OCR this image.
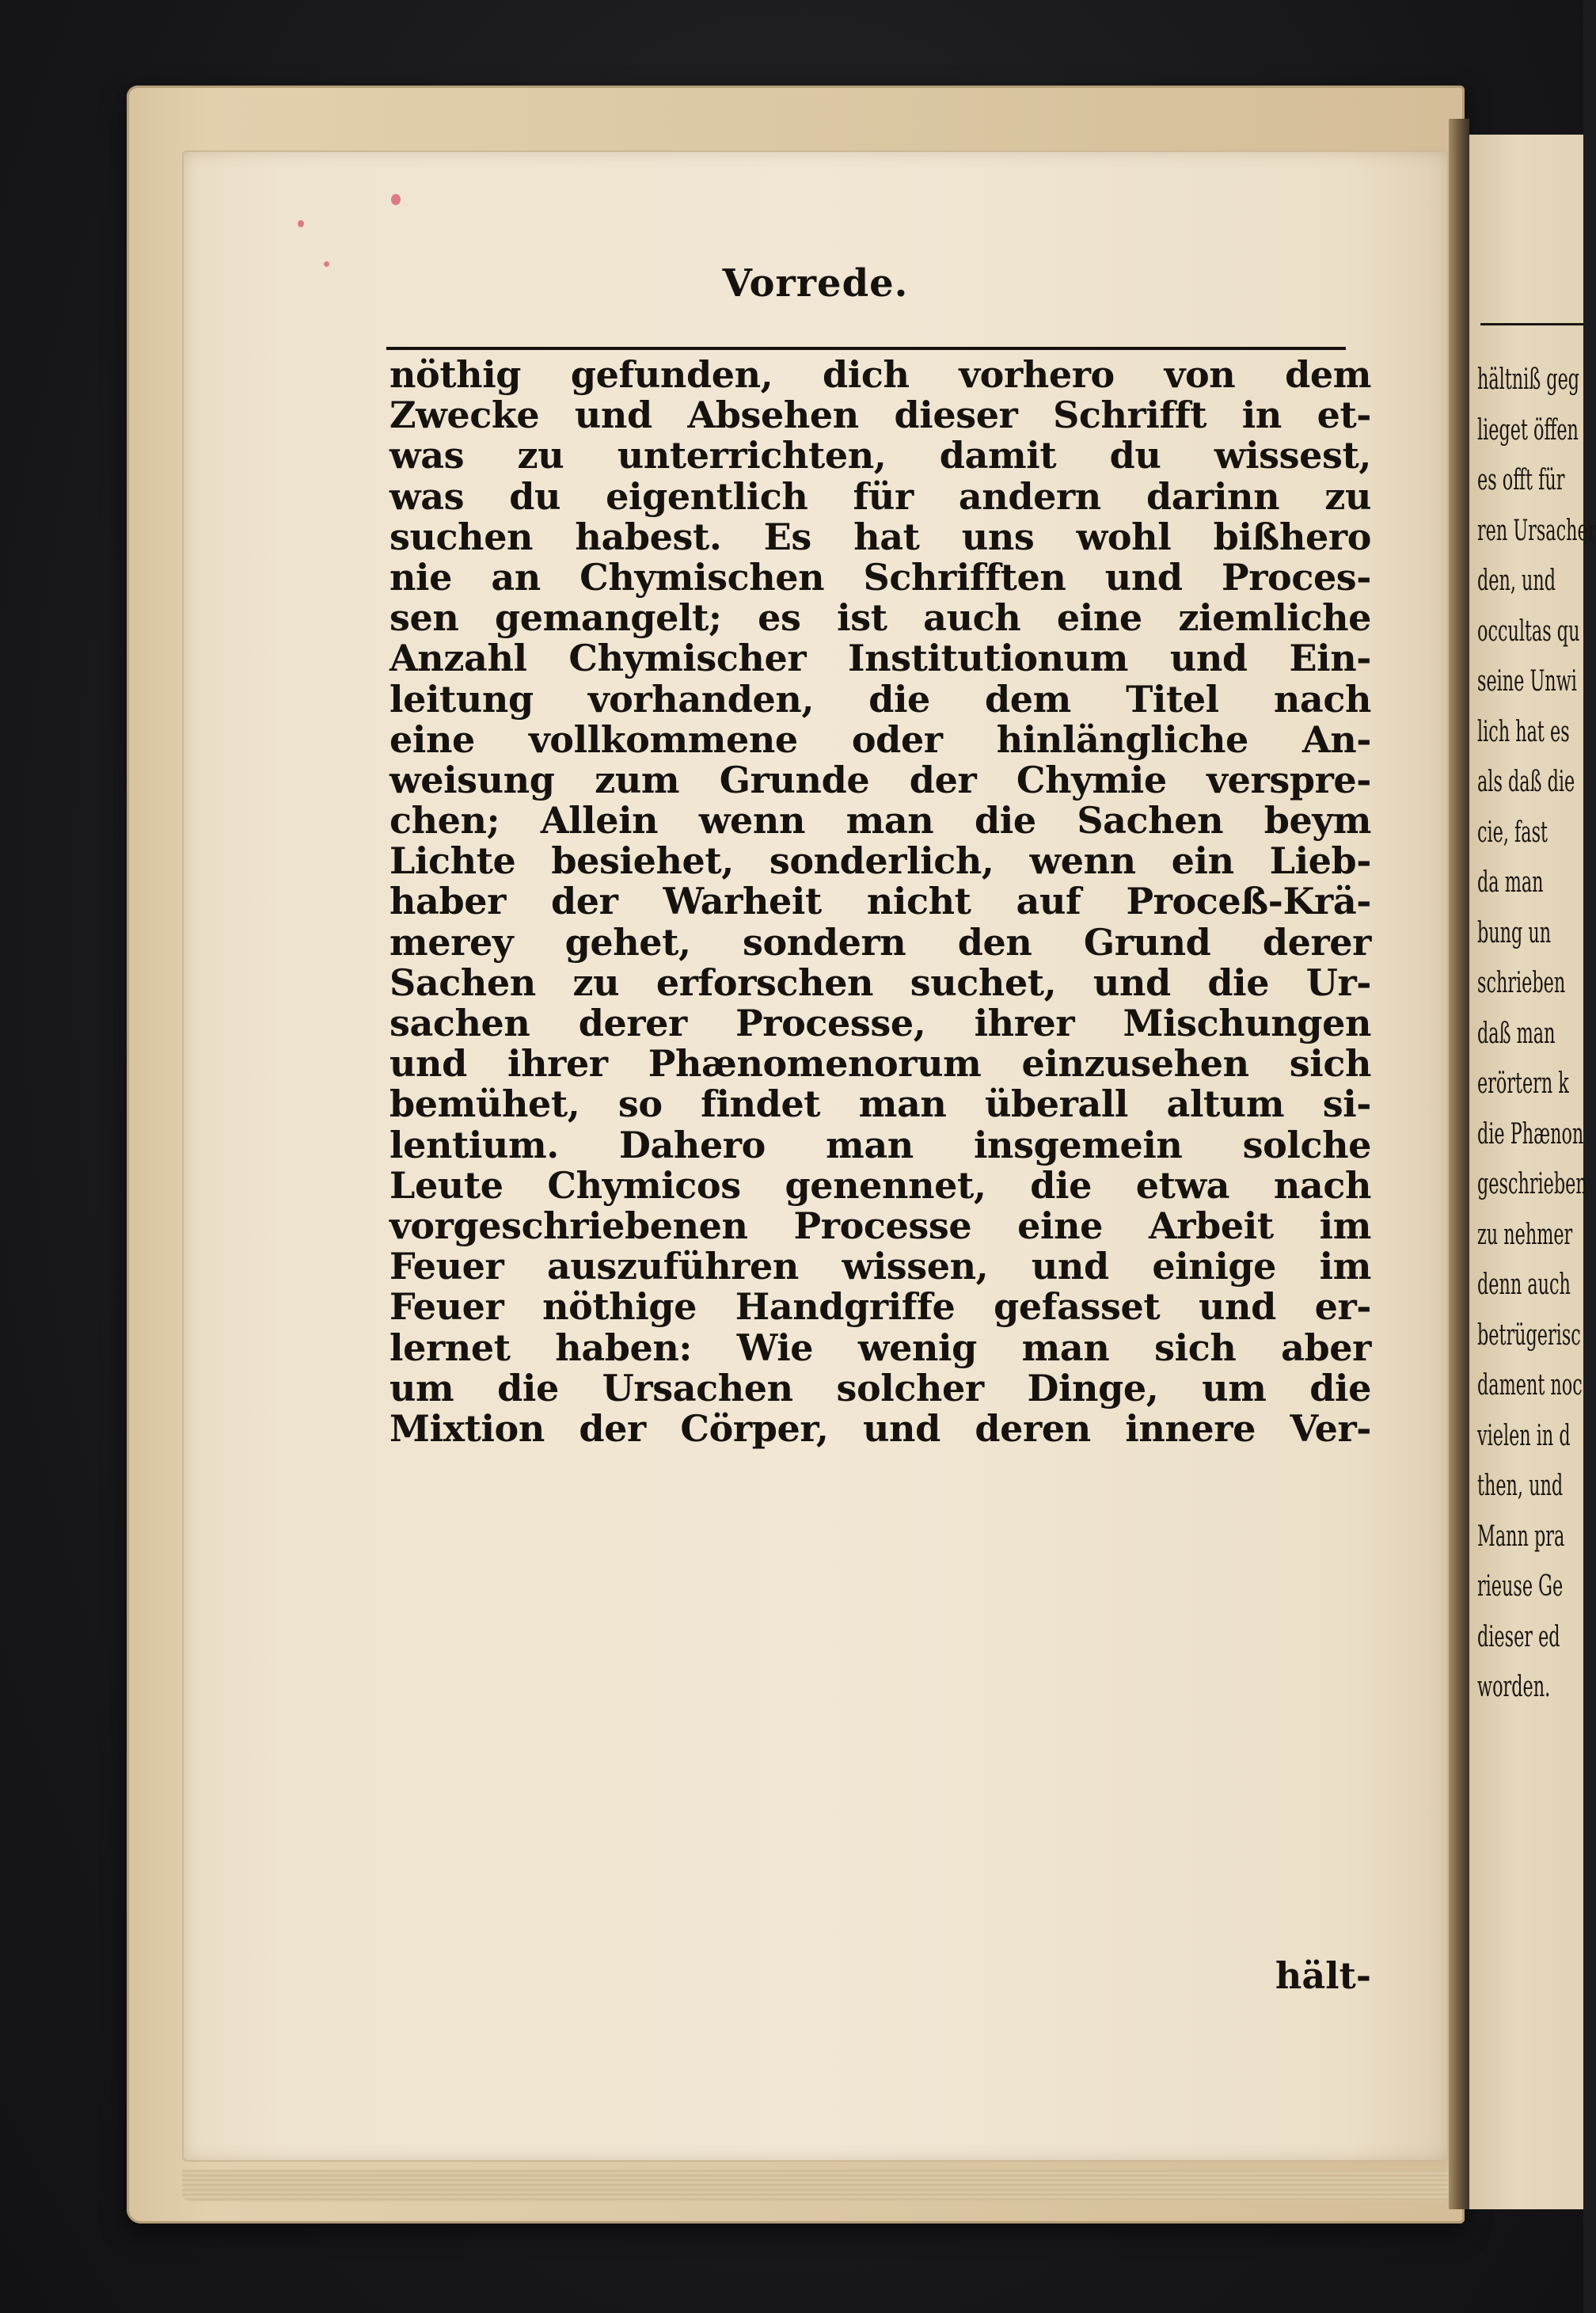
hältniß geg
lieget öffen
es offt für
ren Ursacher
den, und
occultas qu
seine Unwi
lich hat es
als daß die
cie, fast
da man
bung un
schrieben
daß man
erörtern k
die Phænon
geschrieben
zu nehmer
denn auch
betrügerisc
dament noc
vielen in d
then, und
Mann pra
rieuse Ge
dieser ed
worden.
Vorrede.
nöthig gefunden, dich vorhero von dem
Zwecke und Absehen dieser Schrifft in et-
was zu unterrichten, damit du wissest,
was du eigentlich für andern darinn zu
suchen habest. Es hat uns wohl bißhero
nie an Chymischen Schrifften und Proces-
sen gemangelt; es ist auch eine ziemliche
Anzahl Chymischer Institutionum und Ein-
leitung vorhanden, die dem Titel nach
eine vollkommene oder hinlängliche An-
weisung zum Grunde der Chymie versprе-
chen; Allein wenn man die Sachen beym
Lichte besiehet, sonderlich, wenn ein Lieb-
haber der Warheit nicht auf Proceß-Krä-
merey gehet, sondern den Grund derer
Sachen zu erforschen suchet, und die Ur-
sachen derer Processe, ihrer Mischungen
und ihrer Phænomenorum einzusehen sich
bemühet, so findet man überall altum si-
lentium. Dahero man insgemein solche
Leute Chymicos genennet, die etwa nach
vorgeschriebenen Processe eine Arbeit im
Feuer auszuführen wissen, und einige im
Feuer nöthige Handgriffe gefasset und er-
lernet haben: Wie wenig man sich aber
um die Ursachen solcher Dinge, um die
Mixtion der Cörper, und deren innere Ver-
hält-
